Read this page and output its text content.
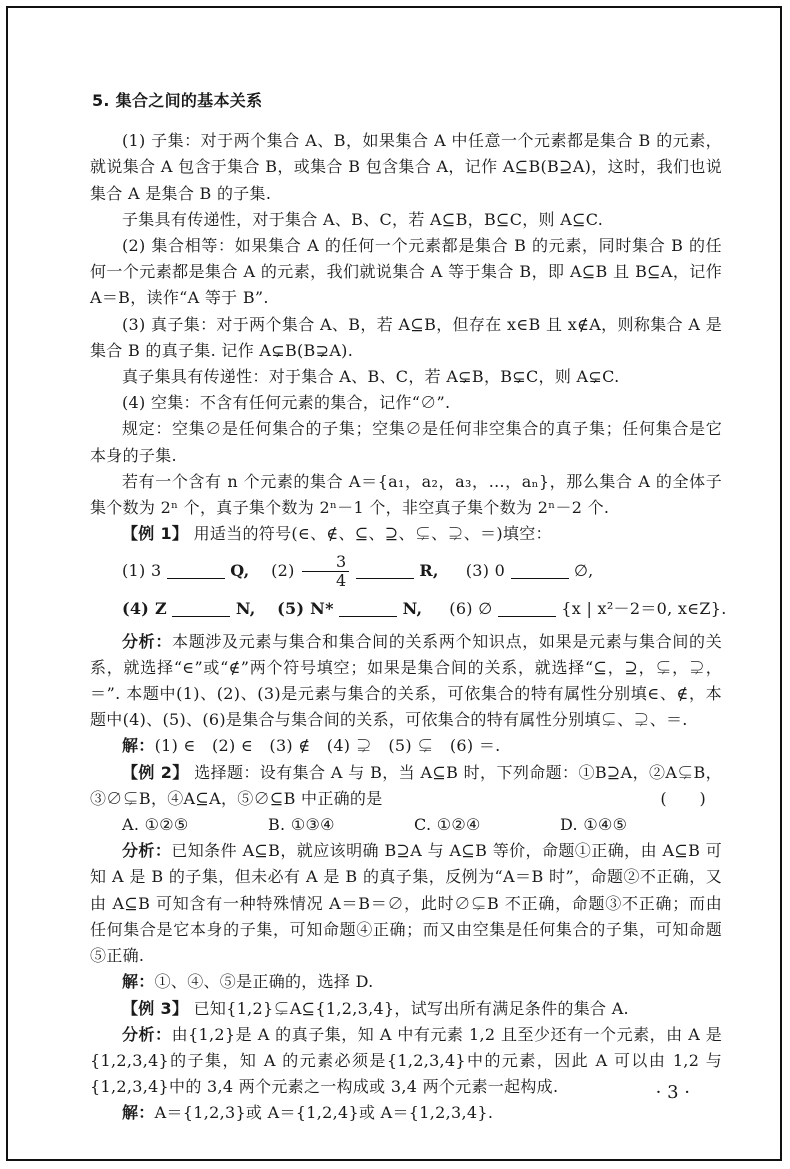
5. 集合之间的基本关系

(1) 子集：对于两个集合 A、B，如果集合 A 中任意一个元素都是集合 B 的元素，就说集合 A 包含于集合 B，或集合 B 包含集合 A，记作 A⊆B(B⊇A)，这时，我们也说集合 A 是集合 B 的子集.

子集具有传递性，对于集合 A、B、C，若 A⊆B，B⊆C，则 A⊆C.

(2) 集合相等：如果集合 A 的任何一个元素都是集合 B 的元素，同时集合 B 的任何一个元素都是集合 A 的元素，我们就说集合 A 等于集合 B，即 A⊆B 且 B⊆A，记作 A＝B，读作“A 等于 B”.

(3) 真子集：对于两个集合 A、B，若 A⊆B，但存在 x∈B 且 x∉A，则称集合 A 是集合 B 的真子集. 记作 A⊊B(B⊋A).

真子集具有传递性：对于集合 A、B、C，若 A⊊B，B⊊C，则 A⊊C.

(4) 空集：不含有任何元素的集合，记作“∅”.

规定：空集∅是任何集合的子集；空集∅是任何非空集合的真子集；任何集合是它本身的子集.

若有一个含有 n 个元素的集合 A＝{a₁，a₂，a₃，…，aₙ}，那么集合 A 的全体子集个数为 2ⁿ 个，真子集个数为 2ⁿ－1 个，非空真子集个数为 2ⁿ－2 个.

【例 1】 用适当的符号(∈、∉、⊆、⊇、⊊、⊋、＝)填空：

(1) 3	Q, $(2) \frac{3}{4}$	R, (3) 0	∅,
(4) Z	N, (5) N*	N, (6) ∅	{x | x²－2＝0, x∈Z}.

分析：本题涉及元素与集合和集合间的关系两个知识点，如果是元素与集合间的关系，就选择“∈”或“∉”两个符号填空；如果是集合间的关系，就选择“⊆，⊇，⊊，⊋，＝”. 本题中(1)、(2)、(3)是元素与集合的关系，可依集合的特有属性分别填∈、∉，本题中(4)、(5)、(6)是集合与集合间的关系，可依集合的特有属性分别填⊊、⊋、＝.

解：(1) ∈　(2) ∈　(3) ∉　(4) ⊋　(5) ⊊　(6) ＝.

【例 2】 选择题：设有集合 A 与 B，当 A⊆B 时，下列命题：①B⊇A，②A⊊B，③∅⊊B，④A⊆A，⑤∅⊆B 中正确的是	(　　)

A. ①②⑤	B. ①③④	C. ①②④	D. ①④⑤

分析：已知条件 A⊆B，就应该明确 B⊇A 与 A⊆B 等价，命题①正确，由 A⊆B 可知 A 是 B 的子集，但未必有 A 是 B 的真子集，反例为“A＝B 时”，命题②不正确，又由 A⊆B 可知含有一种特殊情况 A＝B＝∅，此时∅⊊B 不正确，命题③不正确；而由任何集合是它本身的子集，可知命题④正确；而又由空集是任何集合的子集，可知命题⑤正确.

解：①、④、⑤是正确的，选择 D.

【例 3】 已知{1,2}⊊A⊆{1,2,3,4}，试写出所有满足条件的集合 A.

分析：由{1,2}是 A 的真子集，知 A 中有元素 1,2 且至少还有一个元素，由 A 是{1,2,3,4}的子集，知 A 的元素必须是{1,2,3,4}中的元素，因此 A 可以由 1,2 与{1,2,3,4}中的 3,4 两个元素之一构成或 3,4 两个元素一起构成.

解：A＝{1,2,3}或 A＝{1,2,4}或 A＝{1,2,3,4}.

· 3 ·
